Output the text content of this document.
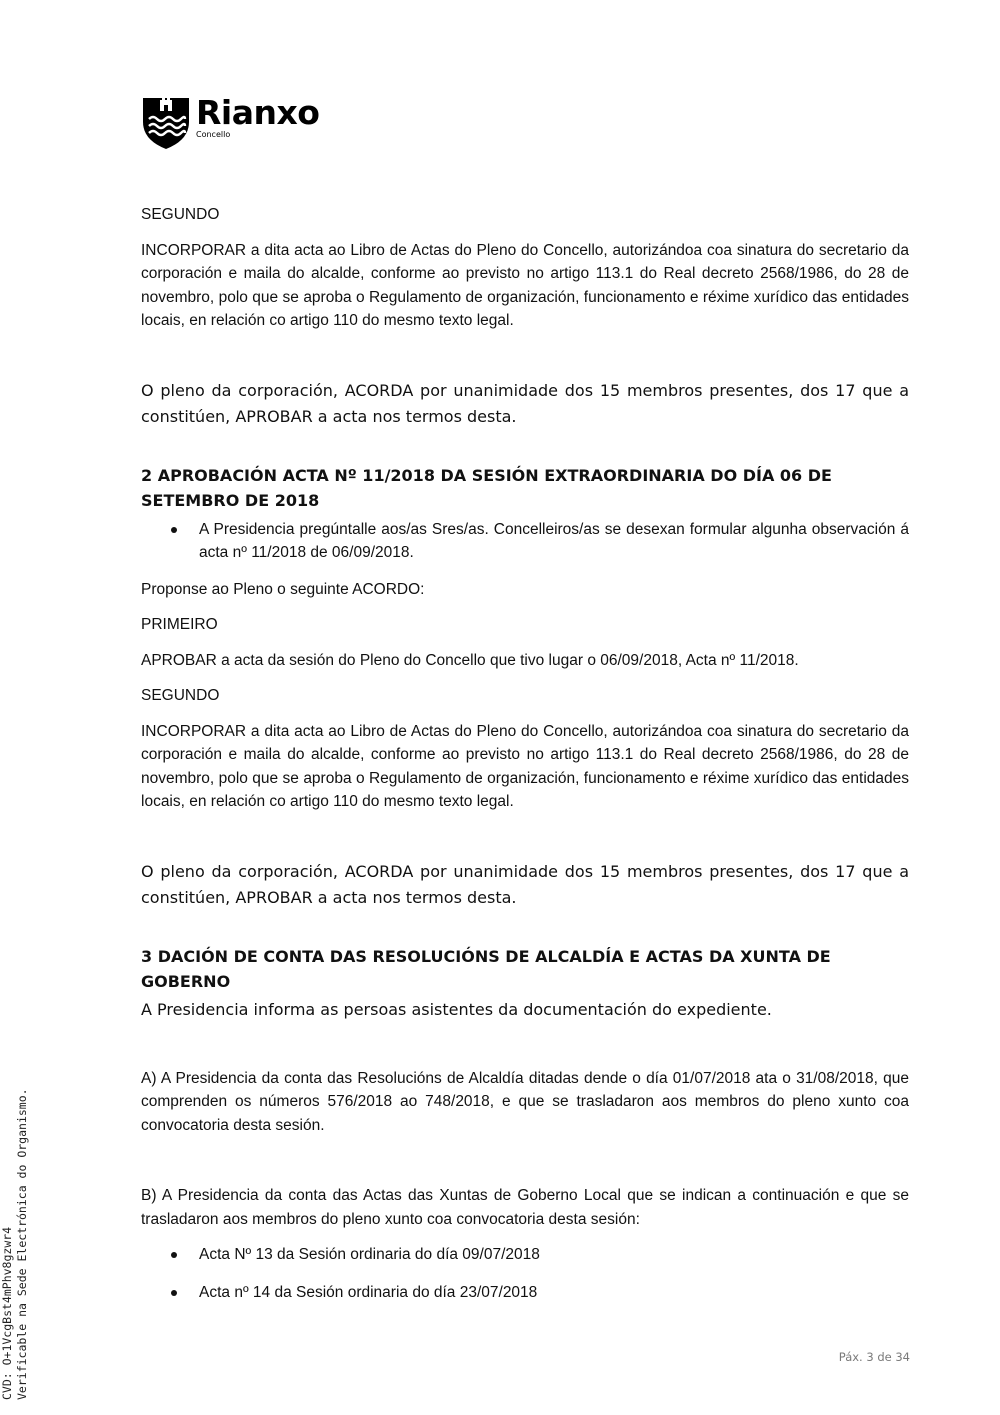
Rianxo
Concello

SEGUNDO

INCORPORAR a dita acta ao Libro de Actas do Pleno do Concello, autorizándoa coa sinatura do secretario da corporación e maila do alcalde, conforme ao previsto no artigo 113.1 do Real decreto 2568/1986, do 28 de novembro, polo que se aproba o Regulamento de organización, funcionamento e réxime xurídico das entidades locais, en relación co artigo 110 do mesmo texto legal.

O pleno da corporación, ACORDA por unanimidade dos 15 membros presentes, dos 17 que a constitúen, APROBAR a acta nos termos desta.

2 APROBACIÓN ACTA Nº 11/2018 DA SESIÓN EXTRAORDINARIA DO DÍA 06 DE SETEMBRO DE 2018

A Presidencia pregúntalle aos/as Sres/as. Concelleiros/as se desexan formular algunha observación á acta nº 11/2018 de 06/09/2018.

Proponse ao Pleno o seguinte ACORDO:

PRIMEIRO

APROBAR a acta da sesión do Pleno do Concello que tivo lugar o 06/09/2018, Acta nº 11/2018.

SEGUNDO

INCORPORAR a dita acta ao Libro de Actas do Pleno do Concello, autorizándoa coa sinatura do secretario da corporación e maila do alcalde, conforme ao previsto no artigo 113.1 do Real decreto 2568/1986, do 28 de novembro, polo que se aproba o Regulamento de organización, funcionamento e réxime xurídico das entidades locais, en relación co artigo 110 do mesmo texto legal.

O pleno da corporación, ACORDA por unanimidade dos 15 membros presentes, dos 17 que a constitúen, APROBAR a acta nos termos desta.

3 DACIÓN DE CONTA DAS RESOLUCIÓNS DE ALCALDÍA E ACTAS DA XUNTA DE GOBERNO

A Presidencia informa as persoas asistentes da documentación do expediente.

A) A Presidencia da conta das Resolucións de Alcaldía ditadas dende o día 01/07/2018 ata o 31/08/2018, que comprenden os números 576/2018 ao 748/2018, e que se trasladaron aos membros do pleno xunto coa convocatoria desta sesión.

B) A Presidencia da conta das Actas das Xuntas de Goberno Local que se indican a continuación e que se trasladaron aos membros do pleno xunto coa convocatoria desta sesión:

Acta Nº 13 da Sesión ordinaria do día 09/07/2018
Acta nº 14 da Sesión ordinaria do día 23/07/2018
CVD: O+1VcgBst4mPhv8gzwr4 Verificable na Sede Electrónica do Organismo.	Páx. 3 de 34
